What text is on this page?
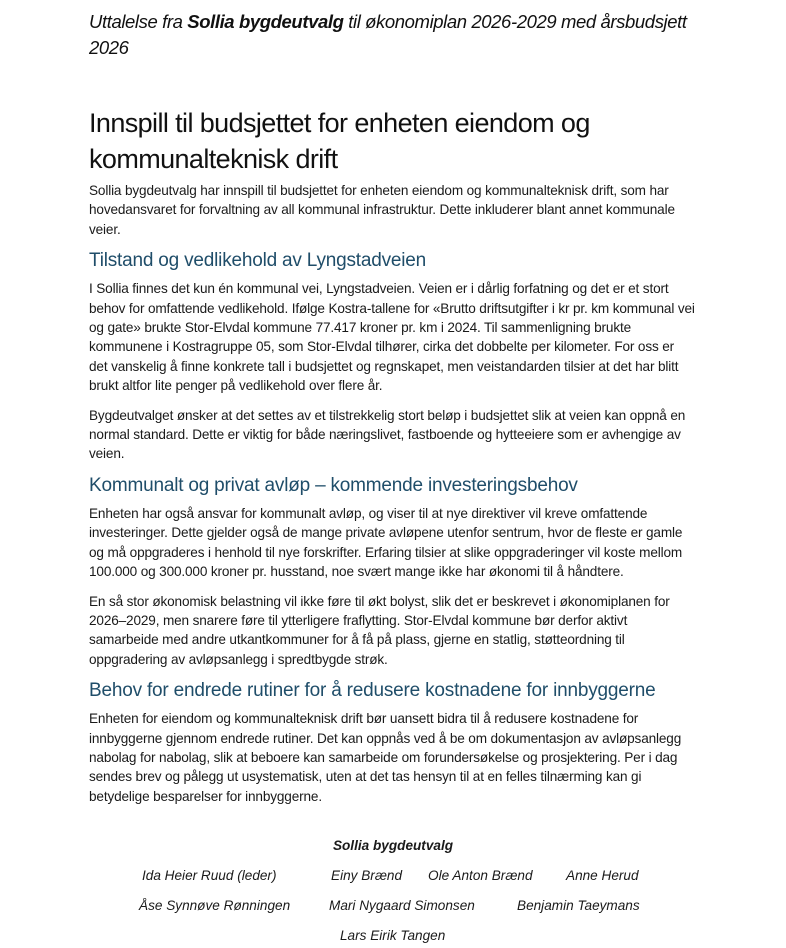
Uttalelse fra Sollia bygdeutvalg til økonomiplan 2026-2029 med årsbudsjett 2026
Innspill til budsjettet for enheten eiendom og kommunalteknisk drift

Sollia bygdeutvalg har innspill til budsjettet for enheten eiendom og kommunalteknisk drift, som har hovedansvaret for forvaltning av all kommunal infrastruktur. Dette inkluderer blant annet kommunale veier.

Tilstand og vedlikehold av Lyngstadveien

I Sollia finnes det kun én kommunal vei, Lyngstadveien. Veien er i dårlig forfatning og det er et stort behov for omfattende vedlikehold. Ifølge Kostra-tallene for «Brutto driftsutgifter i kr pr. km kommunal vei og gate» brukte Stor-Elvdal kommune 77.417 kroner pr. km i 2024. Til sammenligning brukte kommunene i Kostragruppe 05, som Stor-Elvdal tilhører, cirka det dobbelte per kilometer. For oss er det vanskelig å finne konkrete tall i budsjettet og regnskapet, men veistandarden tilsier at det har blitt brukt altfor lite penger på vedlikehold over flere år.

Bygdeutvalget ønsker at det settes av et tilstrekkelig stort beløp i budsjettet slik at veien kan oppnå en normal standard. Dette er viktig for både næringslivet, fastboende og hytteeiere som er avhengige av veien.

Kommunalt og privat avløp – kommende investeringsbehov

Enheten har også ansvar for kommunalt avløp, og viser til at nye direktiver vil kreve omfattende investeringer. Dette gjelder også de mange private avløpene utenfor sentrum, hvor de fleste er gamle og må oppgraderes i henhold til nye forskrifter. Erfaring tilsier at slike oppgraderinger vil koste mellom 100.000 og 300.000 kroner pr. husstand, noe svært mange ikke har økonomi til å håndtere.

En så stor økonomisk belastning vil ikke føre til økt bolyst, slik det er beskrevet i økonomiplanen for 2026–2029, men snarere føre til ytterligere fraflytting. Stor-Elvdal kommune bør derfor aktivt samarbeide med andre utkantkommuner for å få på plass, gjerne en statlig, støtteordning til oppgradering av avløpsanlegg i spredtbygde strøk.

Behov for endrede rutiner for å redusere kostnadene for innbyggerne

Enheten for eiendom og kommunalteknisk drift bør uansett bidra til å redusere kostnadene for innbyggerne gjennom endrede rutiner. Det kan oppnås ved å be om dokumentasjon av avløpsanlegg nabolag for nabolag, slik at beboere kan samarbeide om forundersøkelse og prosjektering. Per i dag sendes brev og pålegg ut usystematisk, uten at det tas hensyn til at en felles tilnærming kan gi betydelige besparelser for innbyggerne.

Sollia bygdeutvalg
Ida Heier Ruud (leder)	Einy Brænd Ole Anton Brænd Anne Herud
Åse Synnøve Rønningen	Mari Nygaard Simonsen	Benjamin Taeymans
Lars Eirik Tangen
